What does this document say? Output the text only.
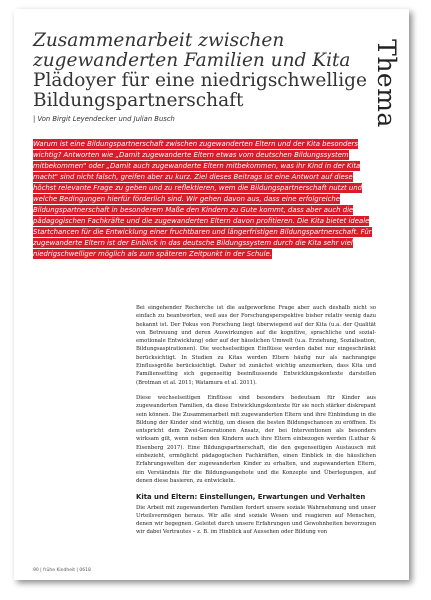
Thema
Zusammenarbeit zwischen
zugewanderten Familien und Kita
Plädoyer für eine niedrigschwellige
Bildungspartnerschaft
| Von Birgit Leyendecker und Julian Busch
Warum ist eine Bildungspartnerschaft zwischen zugewanderten Eltern und der Kita besonders wichtig? Antworten wie „Damit zugewanderte Eltern etwas vom deutschen Bildungssystem mitbekommen" oder „Damit auch zugewanderte Eltern mitbekommen, was ihr Kind in der Kita macht" sind nicht falsch, greifen aber zu kurz. Ziel dieses Beitrags ist eine Antwort auf diese höchst relevante Frage zu geben und zu reflektieren, wem die Bildungspartnerschaft nutzt und welche Bedingungen hierfür förderlich sind. Wir gehen davon aus, dass eine erfolgreiche Bildungspartnerschaft in besonderem Maße den Kindern zu Gute kommt, dass aber auch die pädagogischen Fachkräfte und die zugewanderten Eltern davon profitieren. Die Kita bietet ideale Startchancen für die Entwicklung einer fruchtbaren und längerfristigen Bildungspartnerschaft. Für zugewanderte Eltern ist der Einblick in das deutsche Bildungssystem durch die Kita sehr viel niedrigschwelliger möglich als zum späteren Zeitpunkt in der Schule.

Bei eingehender Recherche ist die aufgeworfene Frage aber auch deshalb nicht so einfach zu beantworten, weil aus der Forschungsperspektive bisher relativ wenig dazu bekannt ist. Der Fokus von Forschung liegt überwiegend auf der Kita (u.a. der Qualität von Betreuung und deren Auswirkungen auf die kognitive, sprachliche und sozial-emotionale Entwicklung) oder auf der häuslichen Umwelt (u.a. Erziehung, Sozialisation, Bildungsaspirationen). Die wechselseitigen Einflüsse werden dabei nur eingeschränkt berücksichtigt. In Studien zu Kitas werden Eltern häufig nur als nachrangige Einflussgröße berücksichtigt. Daher ist zunächst wichtig anzumerken, dass Kita und Familiensetting sich gegenseitig beeinflussende Entwicklungskontexte darstellen (Brotman et al. 2011; Watamura et al. 2011).

Diese wechselseitigen Einflüsse sind besonders bedeutsam für Kinder aus zugewanderten Familien, da diese Entwicklungskontexte für sie noch stärker diskrepant sein können. Die Zusammenarbeit mit zugewanderten Eltern und ihre Einbindung in die Bildung der Kinder sind wichtig, um diesen die besten Bildungschancen zu eröffnen. Es entspricht dem Zwei-Generationen Ansatz, der bei Interventionen als besonders wirksam gilt, wenn neben den Kindern auch ihre Eltern einbezogen werden (Luthar & Eisenberg 2017). Eine Bildungspartnerschaft, die den gegenseitigen Austausch mit einbezieht, ermöglicht pädagogischen Fachkräften, einen Einblick in die häuslichen Erfahrungswelten der zugewanderten Kinder zu erhalten, und zugewanderten Eltern, ein Verständnis für die Bildungsangebote und die Konzepte und Überlegungen, auf denen diese basieren, zu entwickeln.

Kita und Eltern: Einstellungen, Erwartungen und Verhalten

Die Arbeit mit zugewanderten Familien fordert unsere soziale Wahrnehmung und unser Urteilsvermögen heraus. Wir alle sind soziale Wesen und reagieren auf Menschen, denen wir begegnen. Geleitet durch unsere Erfahrungen und Gewohnheiten bevorzugen wir dabei Vertrautes – z. B. im Hinblick auf Aussehen oder Bildung von

90 | frühe Kindheit | 0618
